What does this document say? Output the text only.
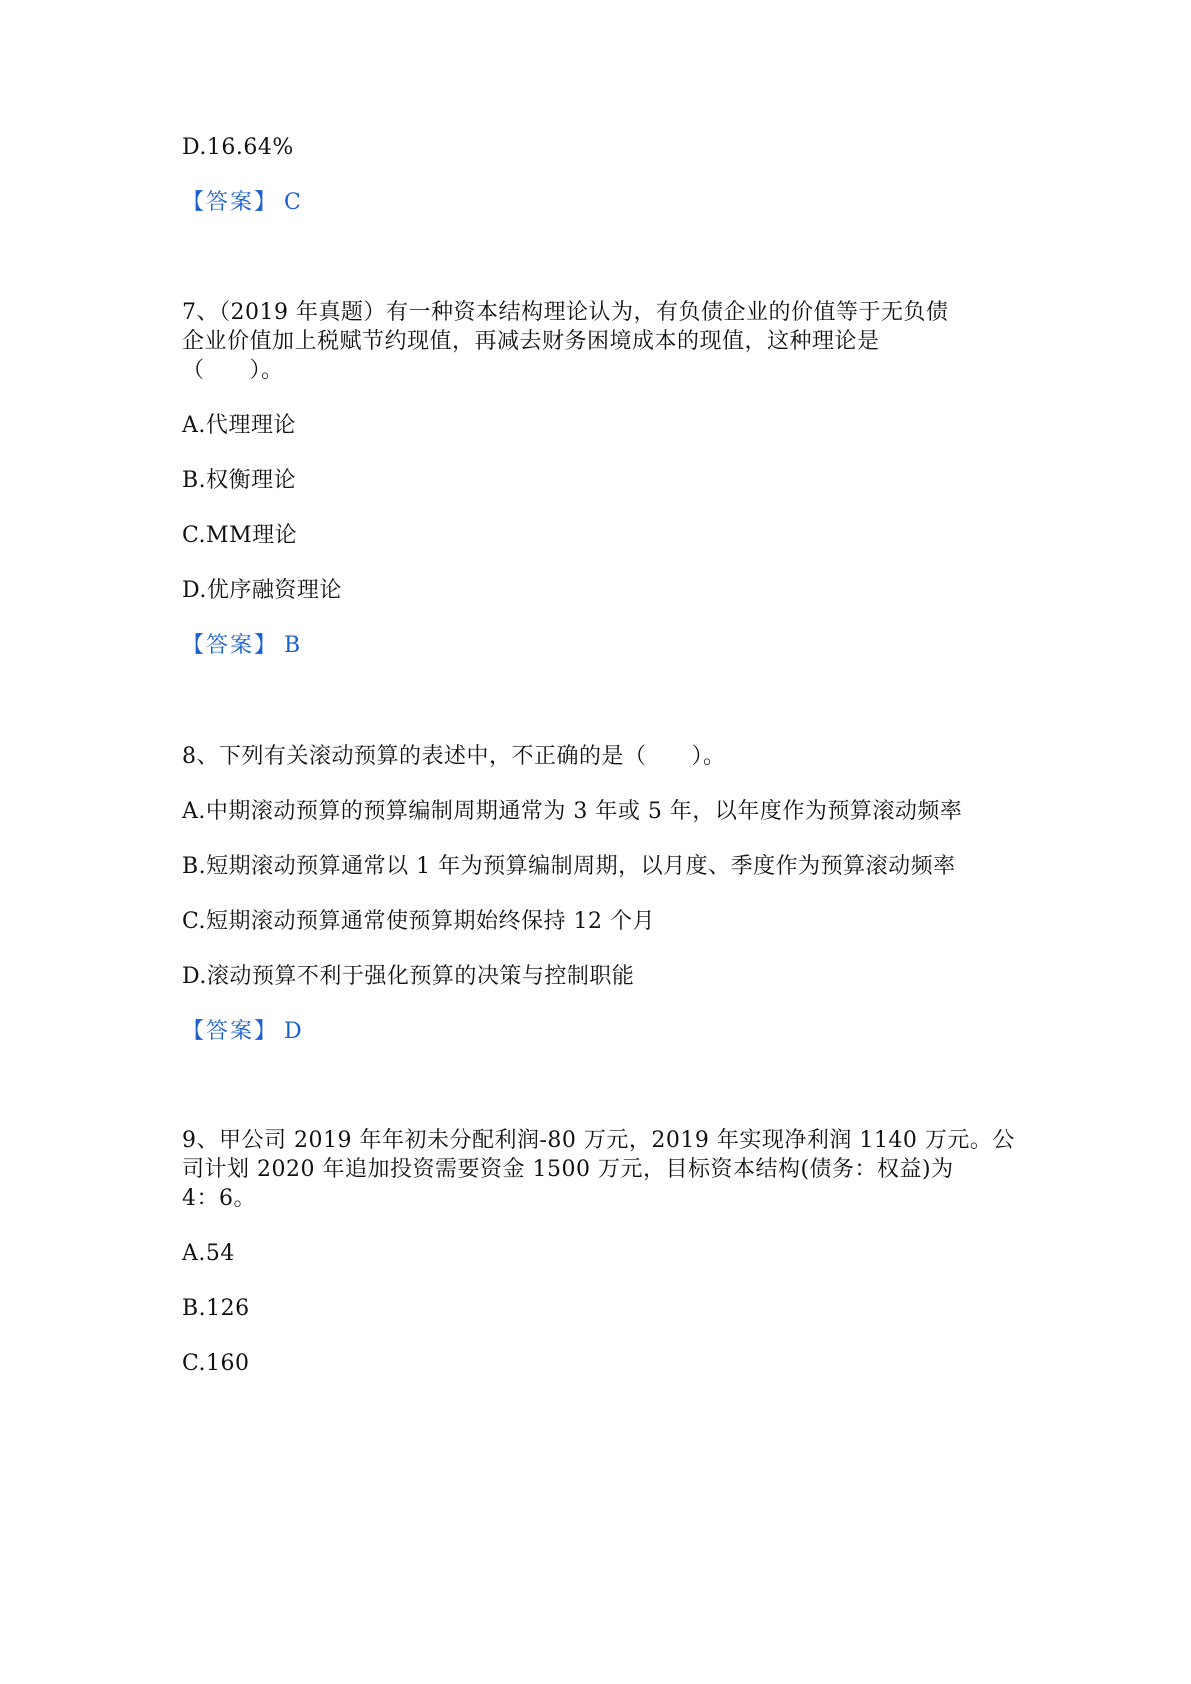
D.16.64%
【答案】 C
7、（2019 年真题）有一种资本结构理论认为，有负债企业的价值等于无负债
企业价值加上税赋节约现值，再减去财务困境成本的现值，这种理论是
（　　）。
A.代理理论
B.权衡理论
C.MM理论
D.优序融资理论
【答案】 B
8、下列有关滚动预算的表述中，不正确的是（　　）。
A.中期滚动预算的预算编制周期通常为 3 年或 5 年，以年度作为预算滚动频率
B.短期滚动预算通常以 1 年为预算编制周期，以月度、季度作为预算滚动频率
C.短期滚动预算通常使预算期始终保持 12 个月
D.滚动预算不利于强化预算的决策与控制职能
【答案】 D
9、甲公司 2019 年年初未分配利润-80 万元，2019 年实现净利润 1140 万元。公
司计划 2020 年追加投资需要资金 1500 万元，目标资本结构(债务：权益)为
4：6。
A.54
B.126
C.160
